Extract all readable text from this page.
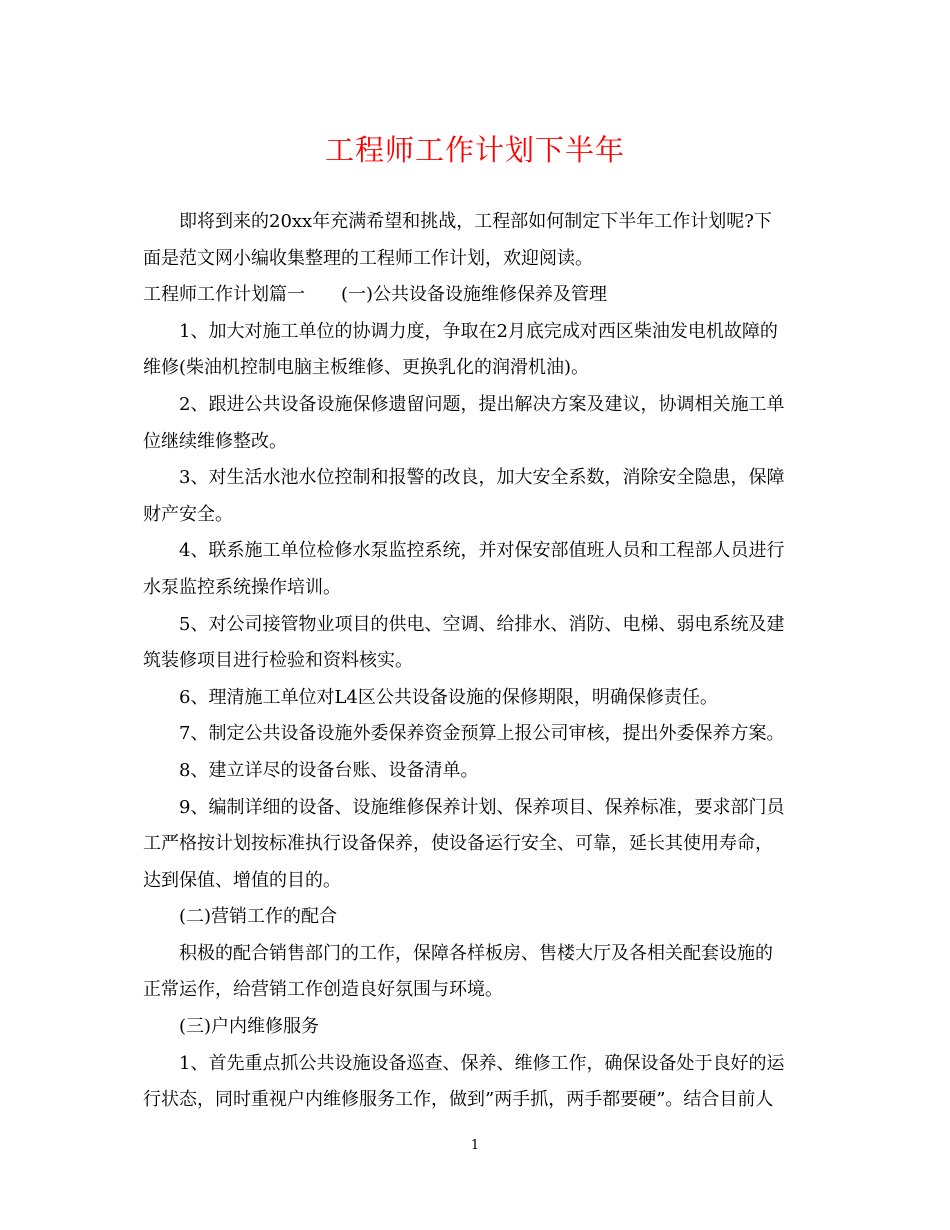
工程师工作计划下半年
　　即将到来的20xx年充满希望和挑战，工程部如何制定下半年工作计划呢?下
面是范文网小编收集整理的工程师工作计划，欢迎阅读。
工程师工作计划篇一　　(一)公共设备设施维修保养及管理
　　1、加大对施工单位的协调力度，争取在2月底完成对西区柴油发电机故障的
维修(柴油机控制电脑主板维修、更换乳化的润滑机油)。
　　2、跟进公共设备设施保修遗留问题，提出解决方案及建议，协调相关施工单
位继续维修整改。
　　3、对生活水池水位控制和报警的改良，加大安全系数，消除安全隐患，保障
财产安全。
　　4、联系施工单位检修水泵监控系统，并对保安部值班人员和工程部人员进行
水泵监控系统操作培训。
　　5、对公司接管物业项目的供电、空调、给排水、消防、电梯、弱电系统及建
筑装修项目进行检验和资料核实。
　　6、理清施工单位对L4区公共设备设施的保修期限，明确保修责任。
　　7、制定公共设备设施外委保养资金预算上报公司审核，提出外委保养方案。
　　8、建立详尽的设备台账、设备清单。
　　9、编制详细的设备、设施维修保养计划、保养项目、保养标准，要求部门员
工严格按计划按标准执行设备保养，使设备运行安全、可靠，延长其使用寿命，
达到保值、增值的目的。
　　(二)营销工作的配合
　　积极的配合销售部门的工作，保障各样板房、售楼大厅及各相关配套设施的
正常运作，给营销工作创造良好氛围与环境。
　　(三)户内维修服务
　　1、首先重点抓公共设施设备巡查、保养、维修工作，确保设备处于良好的运
行状态，同时重视户内维修服务工作，做到”两手抓，两手都要硬”。结合目前人
1
